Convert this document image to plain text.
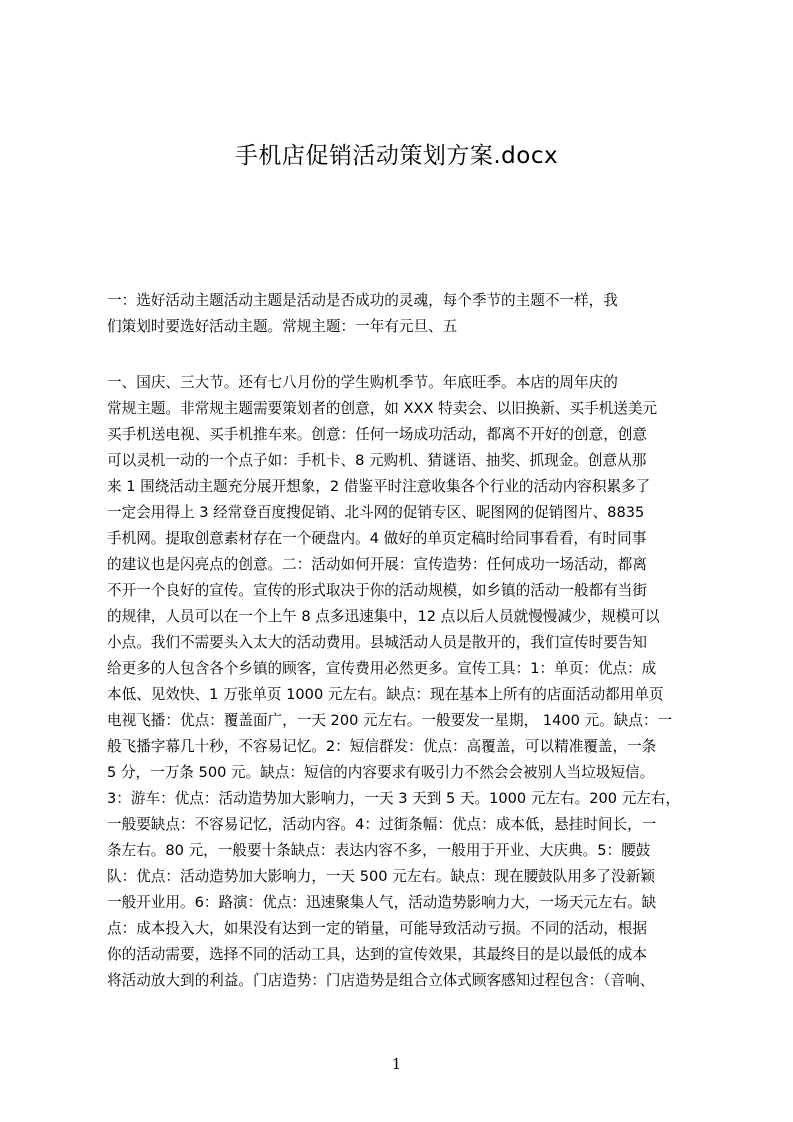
手机店促销活动策划方案.docx
一：选好活动主题活动主题是活动是否成功的灵魂，每个季节的主题不一样，我
们策划时要选好活动主题。常规主题：一年有元旦、五
一、国庆、三大节。还有七八月份的学生购机季节。年底旺季。本店的周年庆的
常规主题。非常规主题需要策划者的创意，如 XXX 特卖会、以旧换新、买手机送美元
买手机送电视、买手机推车来。创意：任何一场成功活动，都离不开好的创意，创意
可以灵机一动的一个点子如：手机卡、8 元购机、猜谜语、抽奖、抓现金。创意从那
来 1 围绕活动主题充分展开想象，2 借鉴平时注意收集各个行业的活动内容积累多了
一定会用得上 3 经常登百度搜促销、北斗网的促销专区、昵图网的促销图片、8835
手机网。提取创意素材存在一个硬盘内。4 做好的单页定稿时给同事看看，有时同事
的建议也是闪亮点的创意。二：活动如何开展：宣传造势：任何成功一场活动，都离
不开一个良好的宣传。宣传的形式取决于你的活动规模，如乡镇的活动一般都有当街
的规律，人员可以在一个上午 8 点多迅速集中，12 点以后人员就慢慢减少，规模可以
小点。我们不需要头入太大的活动费用。县城活动人员是散开的，我们宣传时要告知
给更多的人包含各个乡镇的顾客，宣传费用必然更多。宣传工具：1：单页：优点：成
本低、见效快、1 万张单页 1000 元左右。缺点：现在基本上所有的店面活动都用单页
电视飞播：优点：覆盖面广，一天 200 元左右。一般要发一星期， 1400 元。缺点：一
般飞播字幕几十秒，不容易记忆。2：短信群发：优点：高覆盖，可以精准覆盖，一条
5 分，一万条 500 元。缺点：短信的内容要求有吸引力不然会会被别人当垃圾短信。
3：游车：优点：活动造势加大影响力，一天 3 天到 5 天。1000 元左右。200 元左右，
一般要缺点：不容易记忆，活动内容。4：过街条幅：优点：成本低，悬挂时间长，一
条左右。80 元，一般要十条缺点：表达内容不多，一般用于开业、大庆典。5：腰鼓
队：优点：活动造势加大影响力，一天 500 元左右。缺点：现在腰鼓队用多了没新颖
一般开业用。6：路演：优点：迅速聚集人气，活动造势影响力大，一场天元左右。缺
点：成本投入大，如果没有达到一定的销量，可能导致活动亏损。不同的活动，根据
你的活动需要，选择不同的活动工具，达到的宣传效果，其最终目的是以最低的成本
将活动放大到的利益。门店造势：门店造势是组合立体式顾客感知过程包含：（音响、
1
